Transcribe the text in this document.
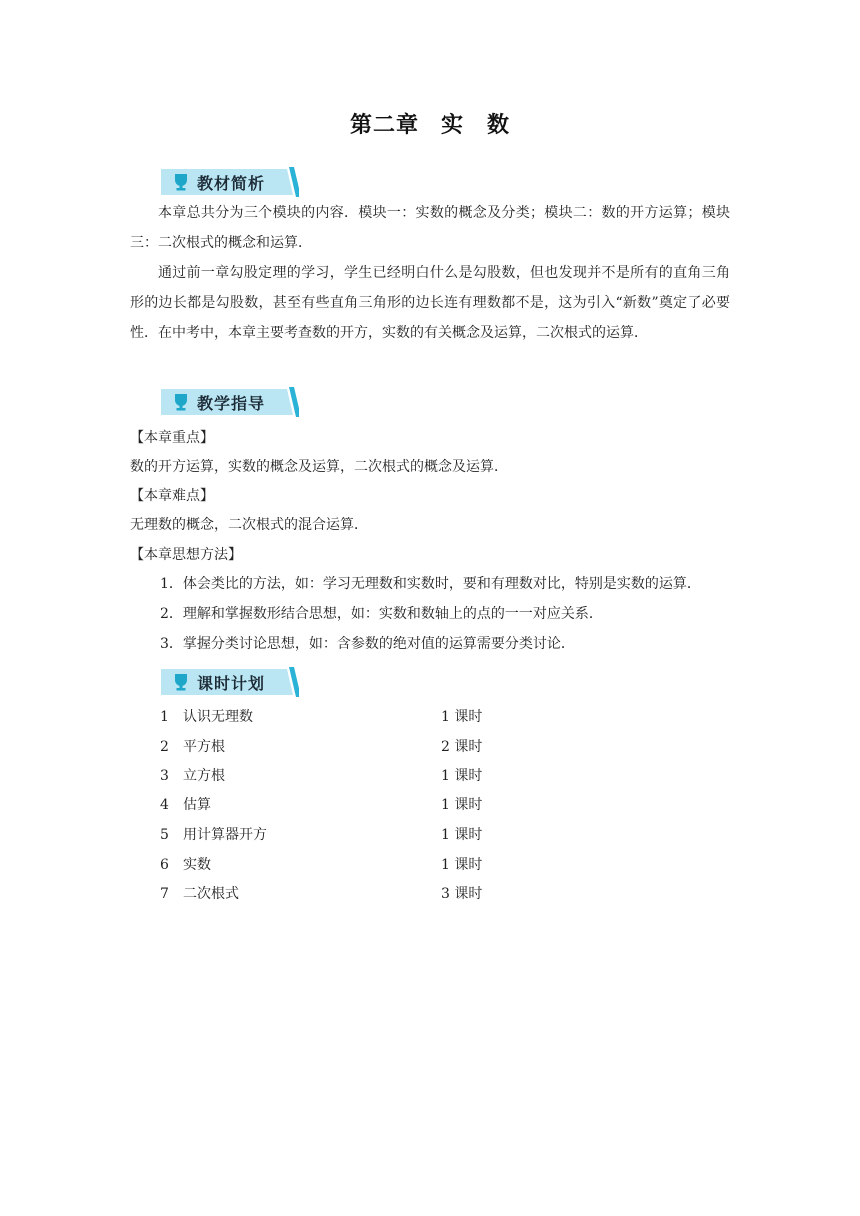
第二章 实　数
教材简析

本章总共分为三个模块的内容．模块一：实数的概念及分类；模块二：数的开方运算；模块三：二次根式的概念和运算．

通过前一章勾股定理的学习，学生已经明白什么是勾股数，但也发现并不是所有的直角三角形的边长都是勾股数，甚至有些直角三角形的边长连有理数都不是，这为引入“新数”奠定了必要性．在中考中，本章主要考查数的开方，实数的有关概念及运算，二次根式的运算．

教学指导
【本章重点】
数的开方运算，实数的概念及运算，二次根式的概念及运算．
【本章难点】
无理数的概念，二次根式的混合运算．
【本章思想方法】
1．体会类比的方法，如：学习无理数和实数时，要和有理数对比，特别是实数的运算．
2．理解和掌握数形结合思想，如：实数和数轴上的点的一一对应关系．
3．掌握分类讨论思想，如：含参数的绝对值的运算需要分类讨论．
课时计划
1 认识无理数	1 课时
2 平方根	2 课时
3 立方根	1 课时
4 估算	1 课时
5 用计算器开方	1 课时
6 实数	1 课时
7 二次根式	3 课时
